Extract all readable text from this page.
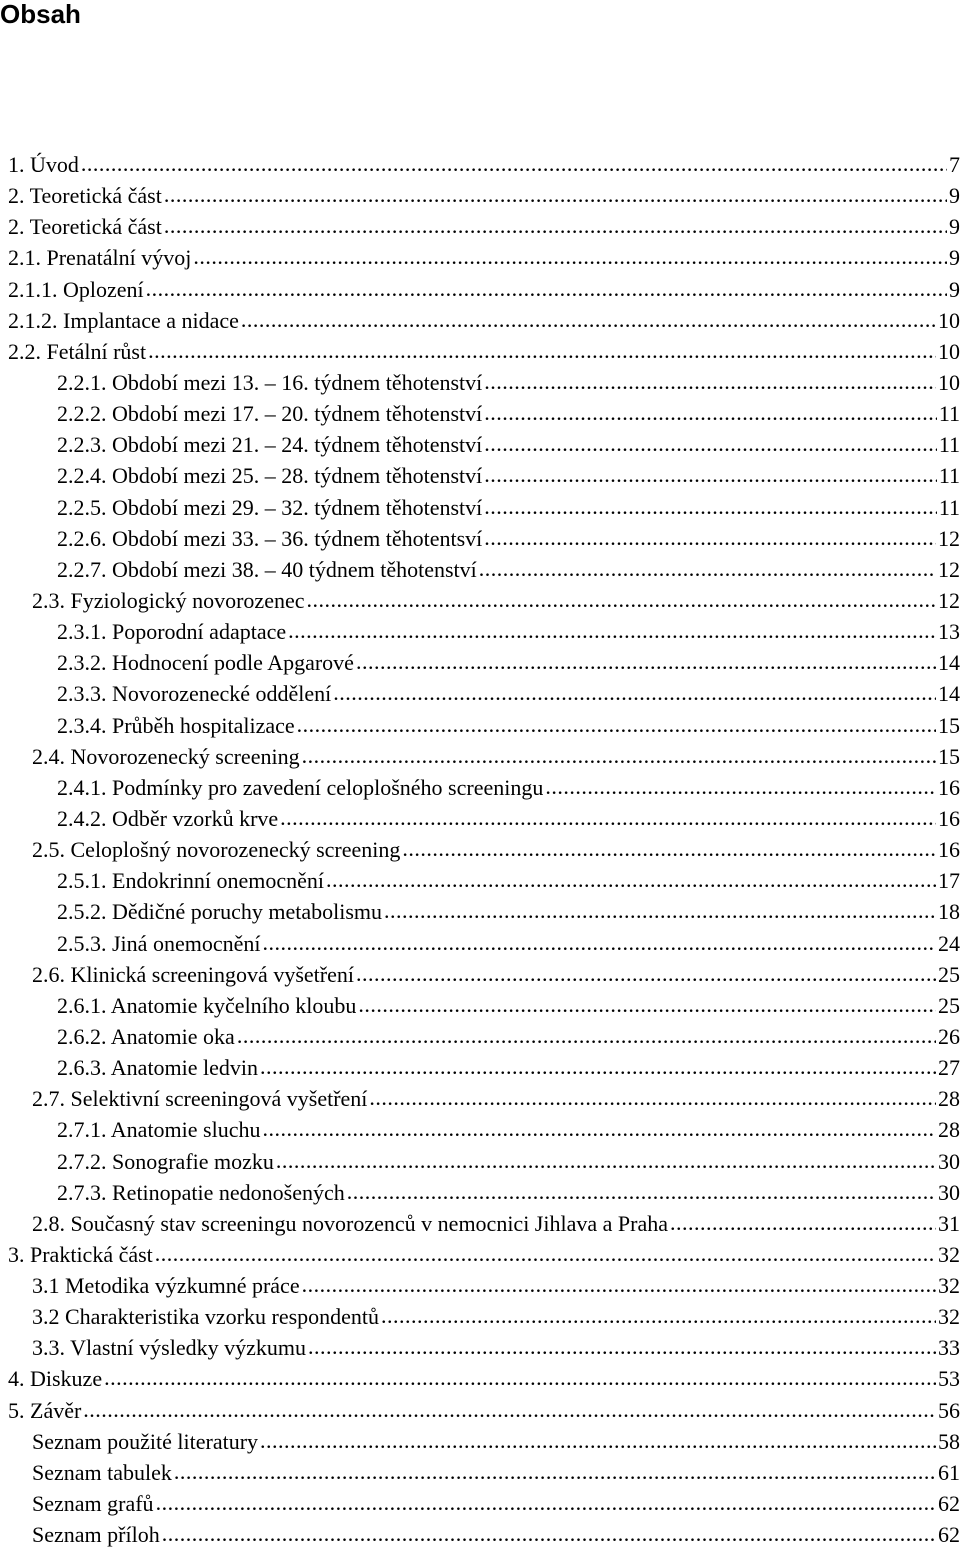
Obsah
1. Úvod .....	7
2. Teoretická část .....	9
2. Teoretická část .....	9
2.1. Prenatální vývoj .....	9
2.1.1. Oplození .....	9
2.1.2. Implantace a nidace .....	10
2.2. Fetální růst .....	10
2.2.1. Období mezi 13. – 16. týdnem těhotenství .....	10
2.2.2. Období mezi 17. – 20. týdnem těhotenství .....	11
2.2.3. Období mezi 21. – 24. týdnem těhotenství .....	11
2.2.4. Období mezi 25. – 28. týdnem těhotenství .....	11
2.2.5. Období mezi 29. – 32. týdnem těhotenství .....	11
2.2.6. Období mezi 33. – 36. týdnem těhotentsví .....	12
2.2.7. Období mezi 38. – 40 týdnem těhotenství .....	12
2.3. Fyziologický novorozenec .....	12
2.3.1. Poporodní adaptace .....	13
2.3.2. Hodnocení podle Apgarové .....	14
2.3.3. Novorozenecké oddělení .....	14
2.3.4. Průběh hospitalizace .....	15
2.4. Novorozenecký screening .....	15
2.4.1. Podmínky pro zavedení celoplošného screeningu .....	16
2.4.2. Odběr vzorků krve .....	16
2.5. Celoplošný novorozenecký screening .....	16
2.5.1. Endokrinní onemocnění .....	17
2.5.2. Dědičné poruchy metabolismu .....	18
2.5.3. Jiná onemocnění .....	24
2.6. Klinická screeningová vyšetření .....	25
2.6.1. Anatomie kyčelního kloubu .....	25
2.6.2. Anatomie oka .....	26
2.6.3. Anatomie ledvin .....	27
2.7. Selektivní screeningová vyšetření .....	28
2.7.1. Anatomie sluchu .....	28
2.7.2. Sonografie mozku .....	30
2.7.3. Retinopatie nedonošených .....	30
2.8. Současný stav screeningu novorozenců v nemocnici Jihlava a Praha .....	31
3. Praktická část .....	32
3.1 Metodika výzkumné práce .....	32
3.2 Charakteristika vzorku respondentů .....	32
3.3. Vlastní výsledky výzkumu .....	33
4. Diskuze .....	53
5. Závěr .....	56
Seznam použité literatury .....	58
Seznam tabulek .....	61
Seznam grafů .....	62
Seznam příloh .....	62
